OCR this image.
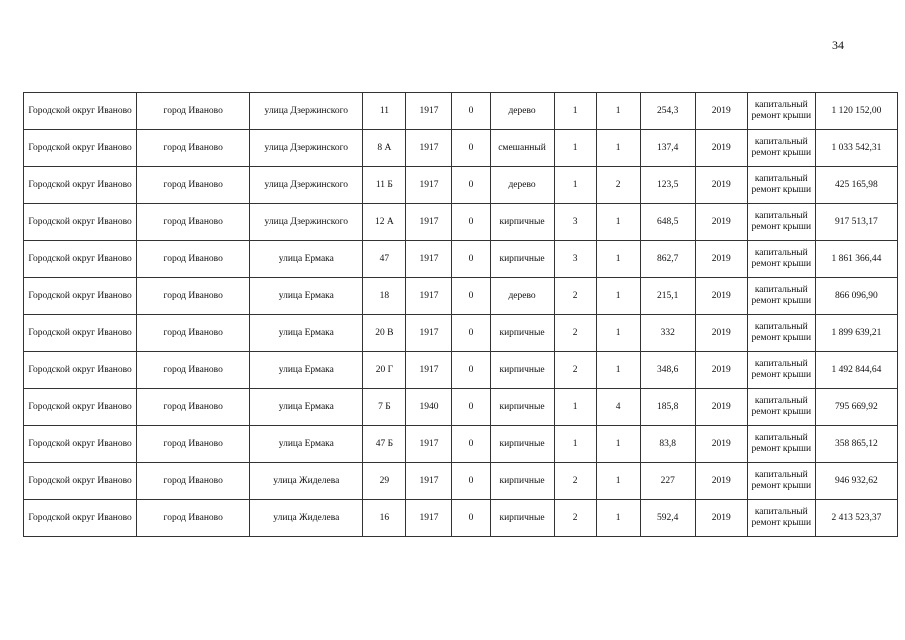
34
Городской округ Иваново	город Иваново	улица Дзержинского	11	1917	0	дерево	1	1	254,3	2019	капитальный ремонт крыши	1 120 152,00
Городской округ Иваново	город Иваново	улица Дзержинского	8 А	1917	0	смешанный	1	1	137,4	2019	капитальный ремонт крыши	1 033 542,31
Городской округ Иваново	город Иваново	улица Дзержинского	11 Б	1917	0	дерево	1	2	123,5	2019	капитальный ремонт крыши	425 165,98
Городской округ Иваново	город Иваново	улица Дзержинского	12 А	1917	0	кирпичные	3	1	648,5	2019	капитальный ремонт крыши	917 513,17
Городской округ Иваново	город Иваново	улица Ермака	47	1917	0	кирпичные	3	1	862,7	2019	капитальный ремонт крыши	1 861 366,44
Городской округ Иваново	город Иваново	улица Ермака	18	1917	0	дерево	2	1	215,1	2019	капитальный ремонт крыши	866 096,90
Городской округ Иваново	город Иваново	улица Ермака	20 В	1917	0	кирпичные	2	1	332	2019	капитальный ремонт крыши	1 899 639,21
Городской округ Иваново	город Иваново	улица Ермака	20 Г	1917	0	кирпичные	2	1	348,6	2019	капитальный ремонт крыши	1 492 844,64
Городской округ Иваново	город Иваново	улица Ермака	7 Б	1940	0	кирпичные	1	4	185,8	2019	капитальный ремонт крыши	795 669,92
Городской округ Иваново	город Иваново	улица Ермака	47 Б	1917	0	кирпичные	1	1	83,8	2019	капитальный ремонт крыши	358 865,12
Городской округ Иваново	город Иваново	улица Жиделева	29	1917	0	кирпичные	2	1	227	2019	капитальный ремонт крыши	946 932,62
Городской округ Иваново	город Иваново	улица Жиделева	16	1917	0	кирпичные	2	1	592,4	2019	капитальный ремонт крыши	2 413 523,37
